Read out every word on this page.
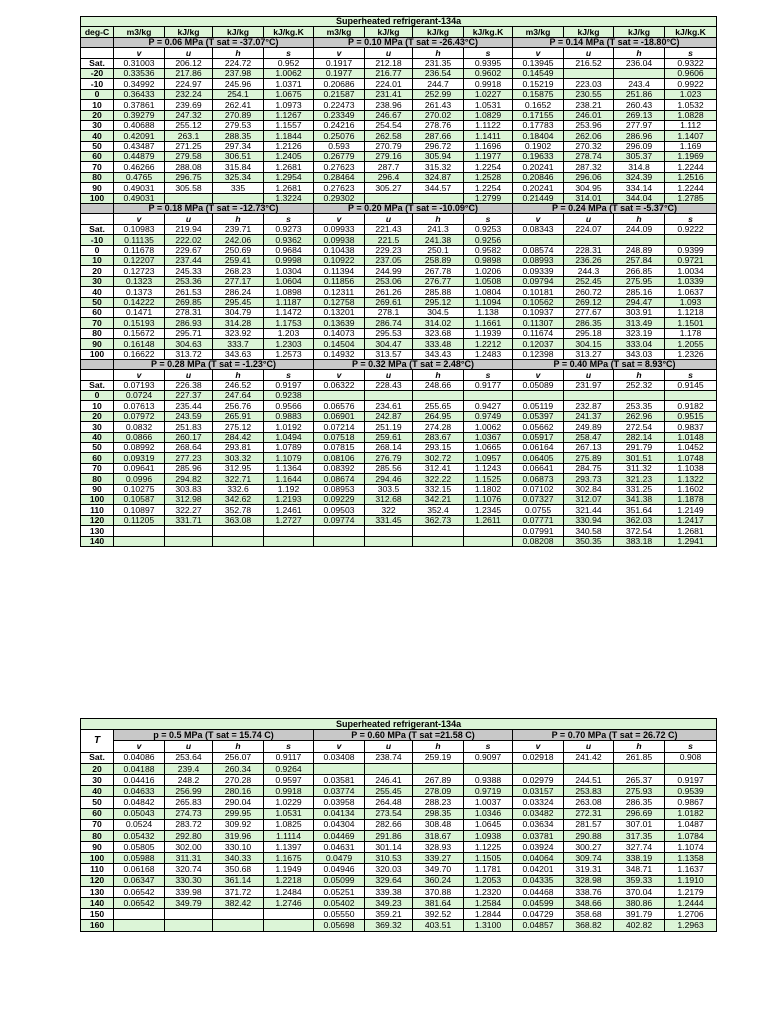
Superheated refrigerant-134a												
deg-C	m3/kg	kJ/kg	kJ/kg	kJ/kg.K	m3/kg	kJ/kg	kJ/kg	kJ/kg.K	m3/kg	kJ/kg	kJ/kg	kJ/kg.K
	P = 0.06 MPa (T sat = -37.07°C)				P = 0.10 MPa (T sat = -26.43°C)				P = 0.14 MPa (T sat = -18.80°C)			
	v	u	h	s	v	u	h	s	v	u	h	s
Sat.	0.31003	206.12	224.72	0.952	0.1917	212.18	231.35	0.9395	0.13945	216.52	236.04	0.9322
-20	0.33536	217.86	237.98	1.0062	0.1977	216.77	236.54	0.9602	0.14549			0.9606
-10	0.34992	224.97	245.96	1.0371	0.20686	224.01	244.7	0.9918	0.15219	223.03	243.4	0.9922
0	0.36433	232.24	254.1	1.0675	0.21587	231.41	252.99	1.0227	0.15875	230.55	251.86	1.023
10	0.37861	239.69	262.41	1.0973	0.22473	238.96	261.43	1.0531	0.1652	238.21	260.43	1.0532
20	0.39279	247.32	270.89	1.1267	0.23349	246.67	270.02	1.0829	0.17155	246.01	269.13	1.0828
30	0.40688	255.12	279.53	1.1557	0.24216	254.54	278.76	1.1122	0.17783	253.96	277.97	1.112
40	0.42091	263.1	288.35	1.1844	0.25076	262.58	287.66	1.1411	0.18404	262.06	286.96	1.1407
50	0.43487	271.25	297.34	1.2126	0.593	270.79	296.72	1.1696	0.1902	270.32	296.09	1.169
60	0.44879	279.58	306.51	1.2405	0.26779	279.16	305.94	1.1977	0.19633	278.74	305.37	1.1969
70	0.46266	288.08	315.84	1.2681	0.27623	287.7	315.32	1.2254	0.20241	287.32	314.8	1.2244
80	0.4765	296.75	325.34	1.2954	0.28464	296.4	324.87	1.2528	0.20846	296.06	324.39	1.2516
90	0.49031	305.58	335	1.2681	0.27623	305.27	344.57	1.2254	0.20241	304.95	334.14	1.2244
100	0.49031			1.3224	0.29302			1.2799	0.21449	314.01	344.04	1.2785
	P = 0.18 MPa (T sat = -12.73°C)				P = 0.20 MPa (T sat = -10.09°C)				P = 0.24 MPa (T sat = -5.37°C)			
	v	u	h	s	v	u	h	s	v	u	h	s
Sat.	0.10983	219.94	239.71	0.9273	0.09933	221.43	241.3	0.9253	0.08343	224.07	244.09	0.9222
-10	0.11135	222.02	242.06	0.9362	0.09938	221.5	241.38	0.9256				
0	0.11678	229.67	250.69	0.9684	0.10438	229.23	250.1	0.9582	0.08574	228.31	248.89	0.9399
10	0.12207	237.44	259.41	0.9998	0.10922	237.05	258.89	0.9898	0.08993	236.26	257.84	0.9721
20	0.12723	245.33	268.23	1.0304	0.11394	244.99	267.78	1.0206	0.09339	244.3	266.85	1.0034
30	0.1323	253.36	277.17	1.0604	0.11856	253.06	276.77	1.0508	0.09794	252.45	275.95	1.0339
40	0.1373	261.53	286.24	1.0898	0.12311	261.26	285.88	1.0804	0.10181	260.72	285.16	1.0637
50	0.14222	269.85	295.45	1.1187	0.12758	269.61	295.12	1.1094	0.10562	269.12	294.47	1.093
60	0.1471	278.31	304.79	1.1472	0.13201	278.1	304.5	1.138	0.10937	277.67	303.91	1.1218
70	0.15193	286.93	314.28	1.1753	0.13639	286.74	314.02	1.1661	0.11307	286.35	313.49	1.1501
80	0.15672	295.71	323.92	1.203	0.14073	295.53	323.68	1.1939	0.11674	295.18	323.19	1.178
90	0.16148	304.63	333.7	1.2303	0.14504	304.47	333.48	1.2212	0.12037	304.15	333.04	1.2055
100	0.16622	313.72	343.63	1.2573	0.14932	313.57	343.43	1.2483	0.12398	313.27	343.03	1.2326
	P = 0.28 MPa (T sat = -1.23°C)				P = 0.32 MPa (T sat = 2.48°C)				P = 0.40 MPa (T sat = 8.93°C)			
	v	u	h	s	v	u	h	s	v	u	h	s
Sat.	0.07193	226.38	246.52	0.9197	0.06322	228.43	248.66	0.9177	0.05089	231.97	252.32	0.9145
0	0.0724	227.37	247.64	0.9238								
10	0.07613	235.44	256.76	0.9566	0.06576	234.61	255.65	0.9427	0.05119	232.87	253.35	0.9182
20	0.07972	243.59	265.91	0.9883	0.06901	242.87	264.95	0.9749	0.05397	241.37	262.96	0.9515
30	0.0832	251.83	275.12	1.0192	0.07214	251.19	274.28	1.0062	0.05662	249.89	272.54	0.9837
40	0.0866	260.17	284.42	1.0494	0.07518	259.61	283.67	1.0367	0.05917	258.47	282.14	1.0148
50	0.08992	268.64	293.81	1.0789	0.07815	268.14	293.15	1.0665	0.06164	267.13	291.79	1.0452
60	0.09319	277.23	303.32	1.1079	0.08106	276.79	302.72	1.0957	0.06405	275.89	301.51	1.0748
70	0.09641	285.96	312.95	1.1364	0.08392	285.56	312.41	1.1243	0.06641	284.75	311.32	1.1038
80	0.0996	294.82	322.71	1.1644	0.08674	294.46	322.22	1.1525	0.06873	293.73	321.23	1.1322
90	0.10275	303.83	332.6	1.192	0.08953	303.5	332.15	1.1802	0.07102	302.84	331.25	1.1602
100	0.10587	312.98	342.62	1.2193	0.09229	312.68	342.21	1.1076	0.07327	312.07	341.38	1.1878
110	0.10897	322.27	352.78	1.2461	0.09503	322	352.4	1.2345	0.0755	321.44	351.64	1.2149
120	0.11205	331.71	363.08	1.2727	0.09774	331.45	362.73	1.2611	0.07771	330.94	362.03	1.2417
130									0.07991	340.58	372.54	1.2681
140									0.08208	350.35	383.18	1.2941
Superheated refrigerant-134a												
T	p = 0.5 MPa (T sat = 15.74 C)				P = 0.60 MPa (T sat =21.58 C)				P = 0.70 MPa (T sat = 26.72 C)			
	v	u	h	s	v	u	h	s	v	u	h	s
Sat.	0.04086	253.64	256.07	0.9117	0.03408	238.74	259.19	0.9097	0.02918	241.42	261.85	0.908
20	0.04188	239.4	260.34	0.9264								
30	0.04416	248.2	270.28	0.9597	0.03581	246.41	267.89	0.9388	0.02979	244.51	265.37	0.9197
40	0.04633	256.99	280.16	0.9918	0.03774	255.45	278.09	0.9719	0.03157	253.83	275.93	0.9539
50	0.04842	265.83	290.04	1.0229	0.03958	264.48	288.23	1.0037	0.03324	263.08	286.35	0.9867
60	0.05043	274.73	299.95	1.0531	0.04134	273.54	298.35	1.0346	0.03482	272.31	296.69	1.0182
70	0.0524	283.72	309.92	1.0825	0.04304	282.66	308.48	1.0645	0.03634	281.57	307.01	1.0487
80	0.05432	292.80	319.96	1.1114	0.04469	291.86	318.67	1.0938	0.03781	290.88	317.35	1.0784
90	0.05805	302.00	330.10	1.1397	0.04631	301.14	328.93	1.1225	0.03924	300.27	327.74	1.1074
100	0.05988	311.31	340.33	1.1675	0.0479	310.53	339.27	1.1505	0.04064	309.74	338.19	1.1358
110	0.06168	320.74	350.68	1.1949	0.04946	320.03	349.70	1.1781	0.04201	319.31	348.71	1.1637
120	0.06347	330.30	361.14	1.2218	0.05099	329.64	360.24	1.2053	0.04335	328.98	359.33	1.1910
130	0.06542	339.98	371.72	1.2484	0.05251	339.38	370.88	1.2320	0.04468	338.76	370.04	1.2179
140	0.06542	349.79	382.42	1.2746	0.05402	349.23	381.64	1.2584	0.04599	348.66	380.86	1.2444
150					0.05550	359.21	392.52	1.2844	0.04729	358.68	391.79	1.2706
160					0.05698	369.32	403.51	1.3100	0.04857	368.82	402.82	1.2963
